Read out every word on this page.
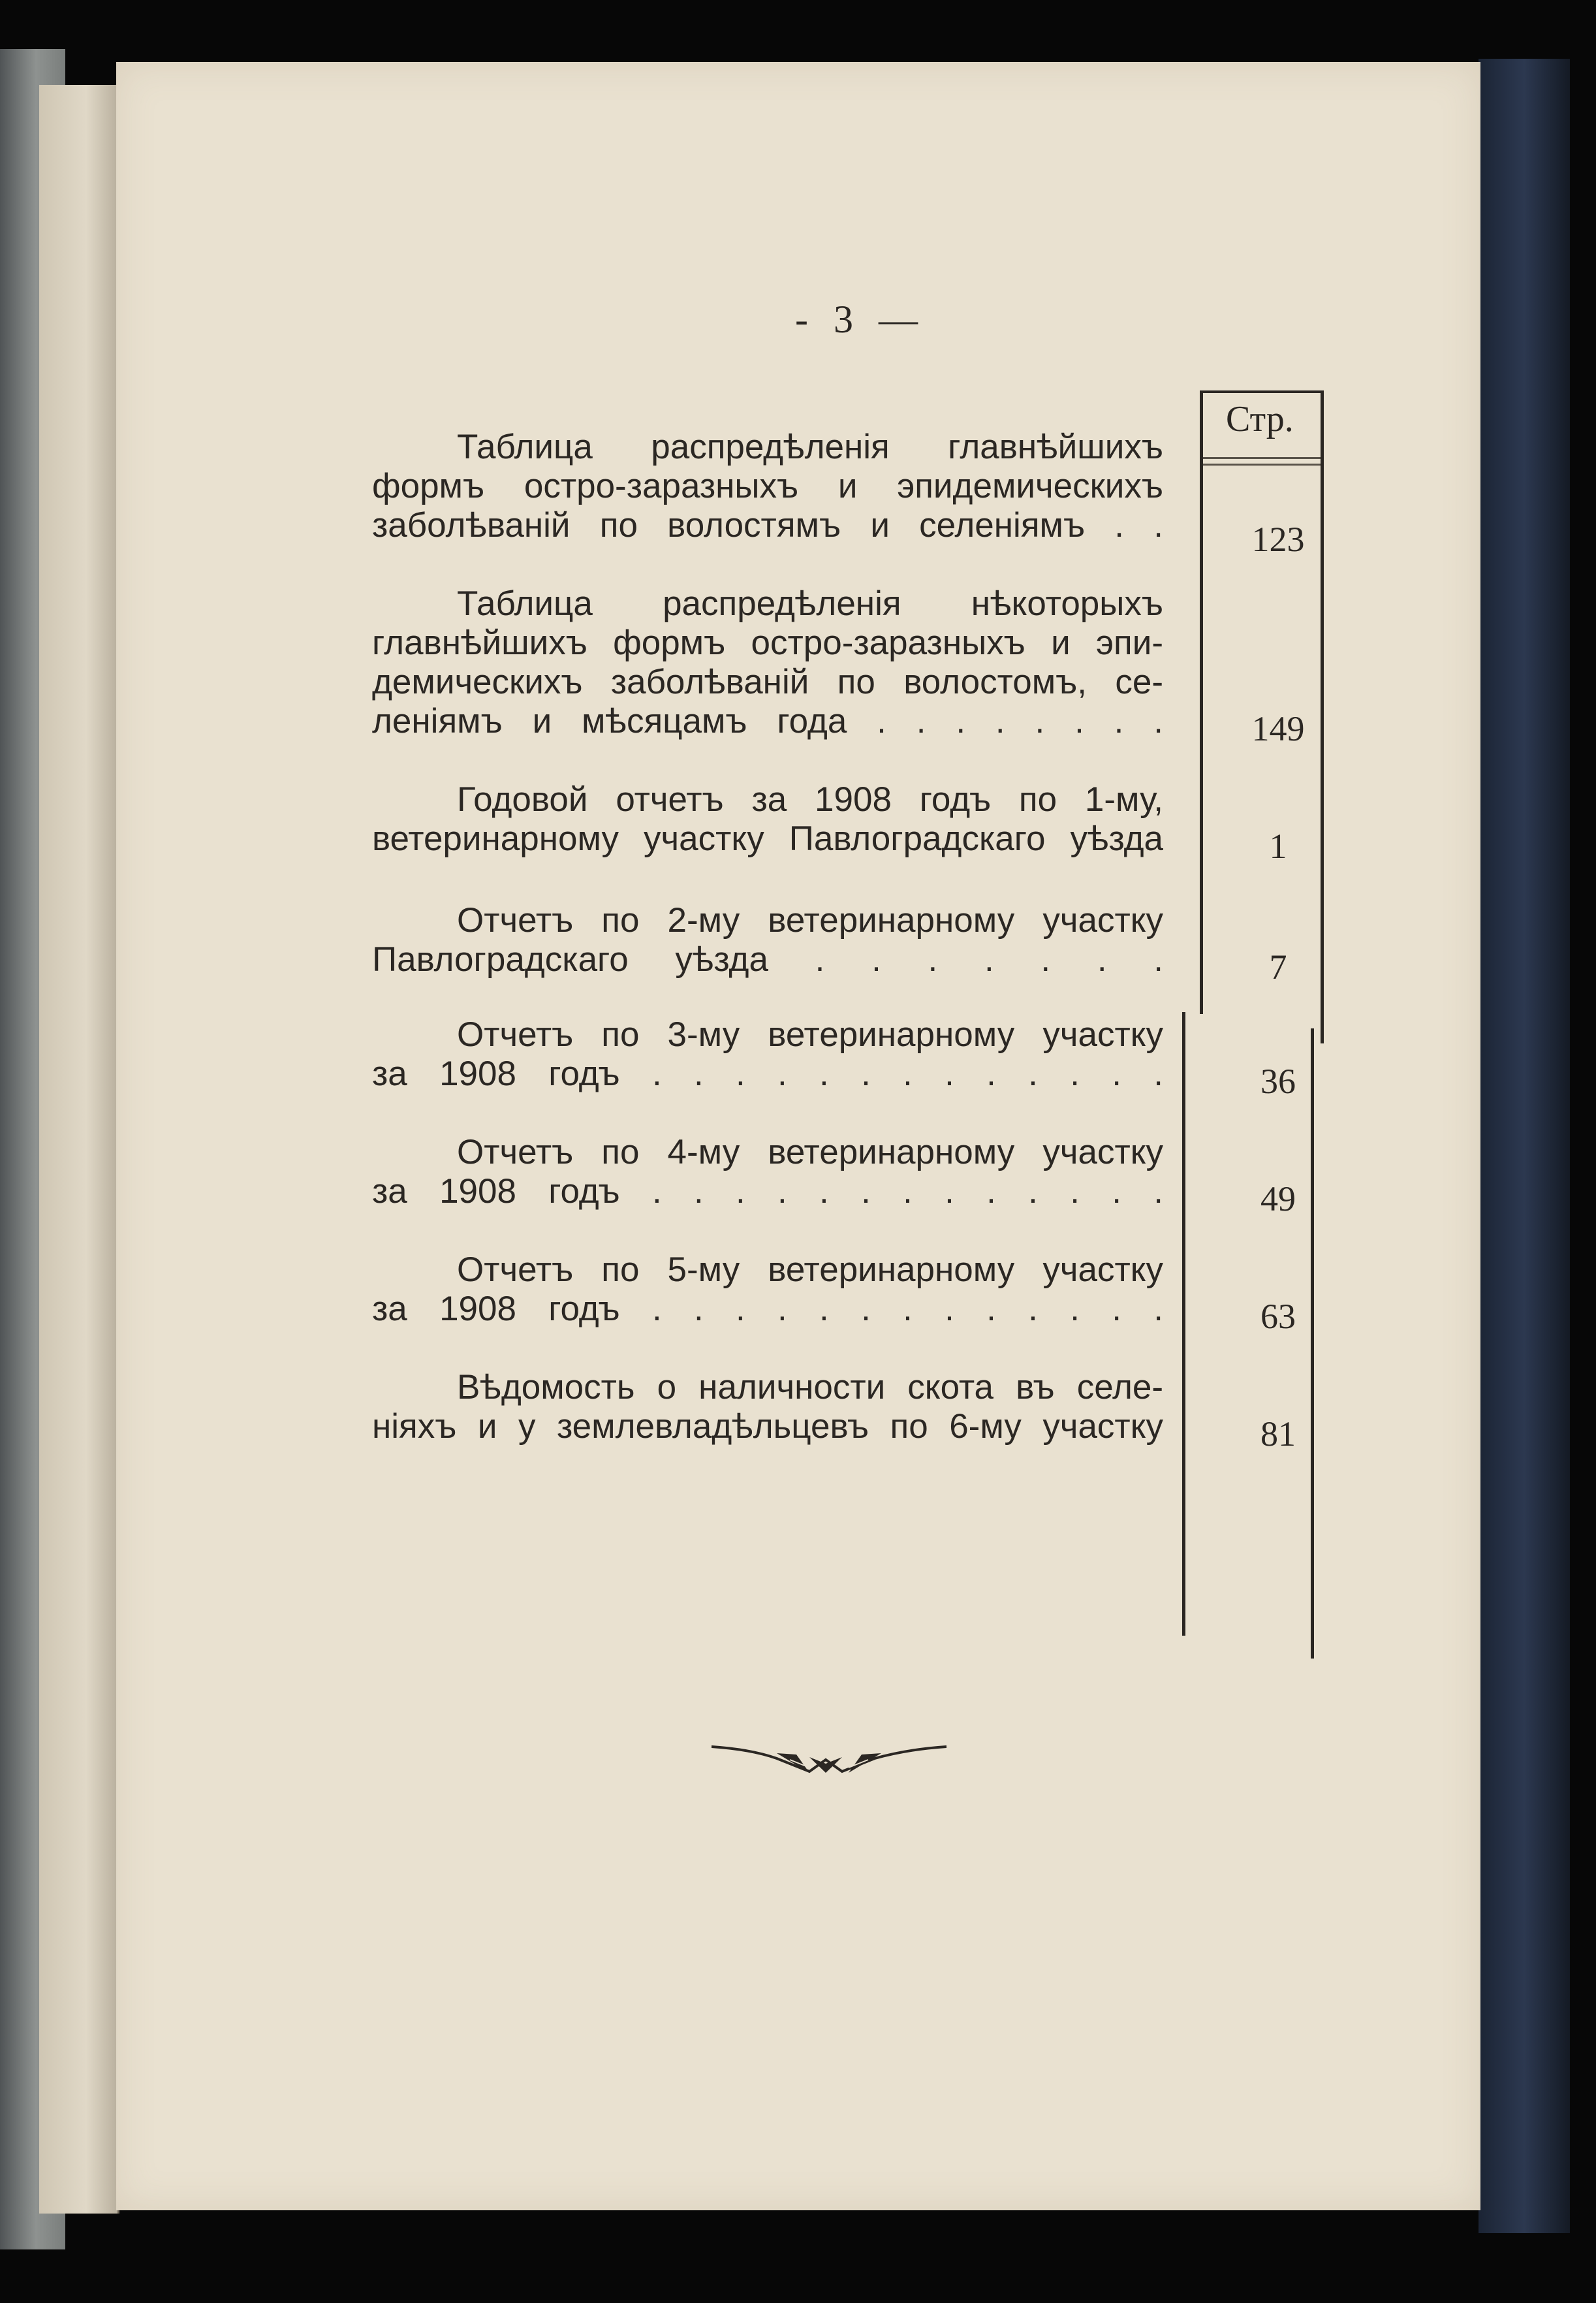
- 3 —
Стр.
Таблица распредѣленія главнѣйшихъ
формъ остро-заразныхъ и эпидемическихъ
заболѣваній по волостямъ и селеніямъ . .	123
Таблица распредѣленія нѣкоторыхъ
главнѣйшихъ формъ остро-заразныхъ и эпи-
демическихъ заболѣваній по волостомъ, се-
леніямъ и мѣсяцамъ года . . . . . . . .	149
Годовой отчетъ за 1908 годъ по 1-му,
ветеринарному участку Павлоградскаго уѣзда	1
Отчетъ по 2-му ветеринарному участку
Павлоградскаго уѣзда . . . . . . .	7
Отчетъ по 3-му ветеринарному участку
за 1908 годъ . . . . . . . . . . . . .	36
Отчетъ по 4-му ветеринарному участку
за 1908 годъ . . . . . . . . . . . . .	49
Отчетъ по 5-му ветеринарному участку
за 1908 годъ . . . . . . . . . . . . .	63
Вѣдомость о наличности скота въ селе-
ніяхъ и у землевладѣльцевъ по 6-му участку	81
